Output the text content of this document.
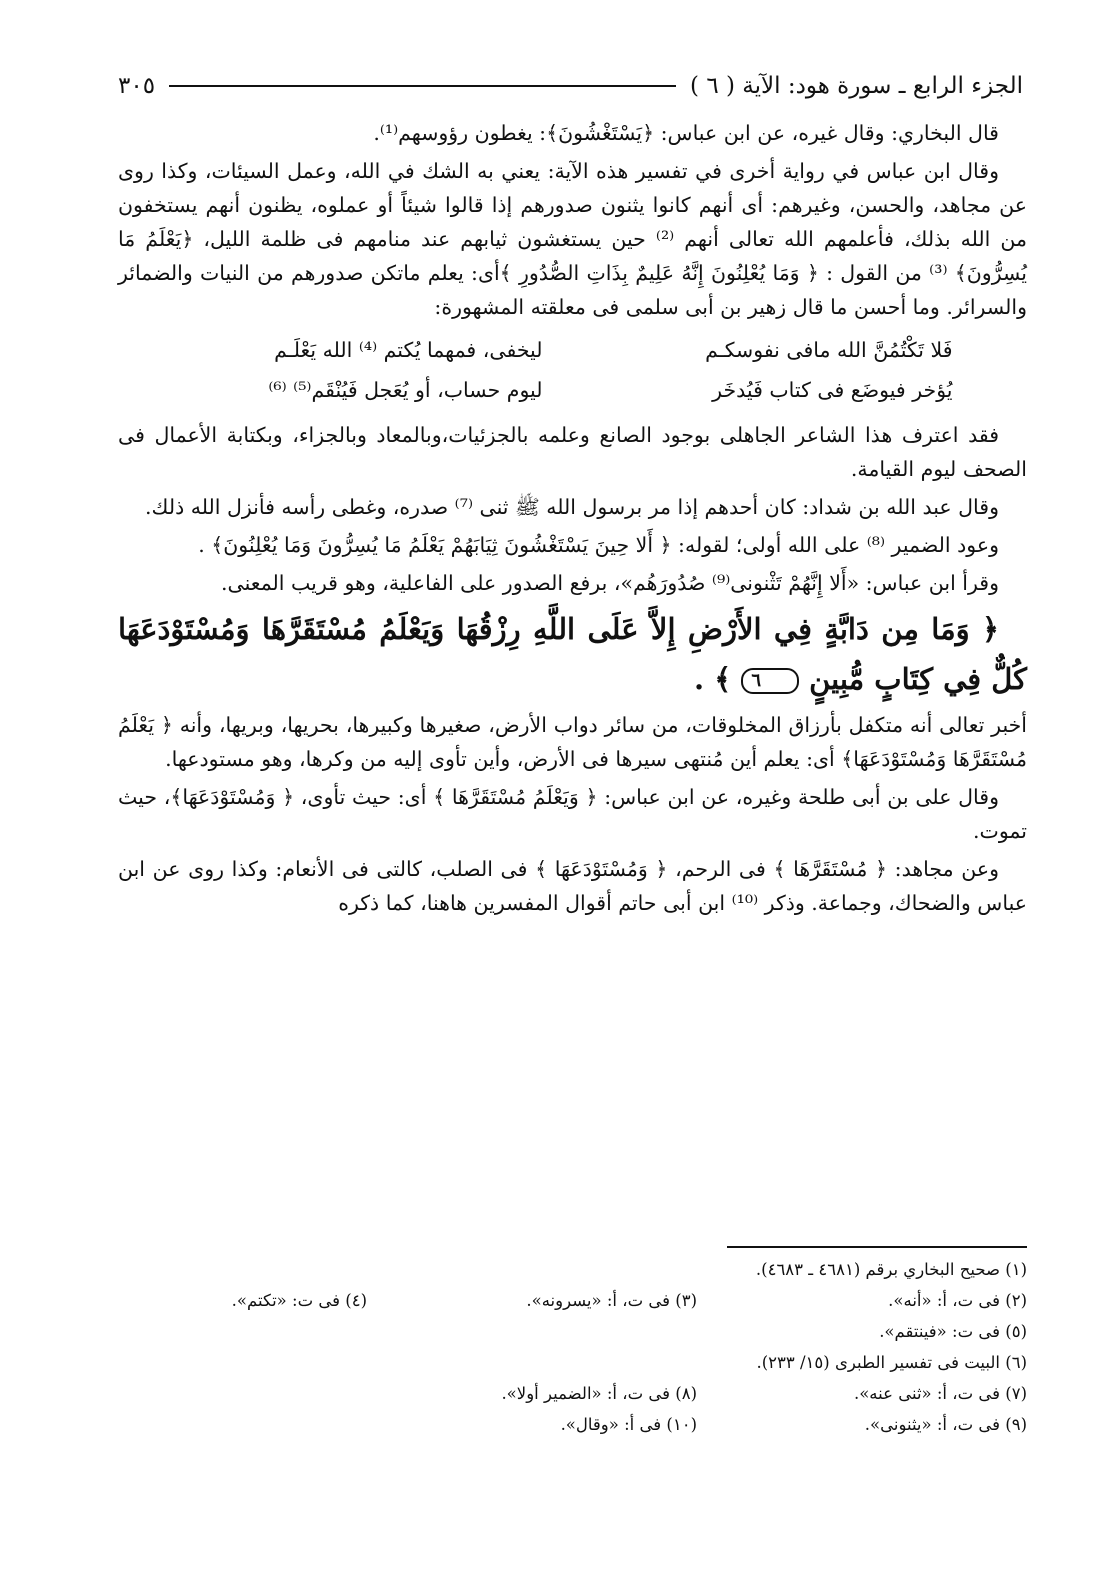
الجزء الرابع ـ سورة هود: الآية ( ٦ )
٣٠٥

قال البخاري: وقال غيره، عن ابن عباس: ﴿يَسْتَغْشُونَ﴾: يغطون رؤوسهم⁽¹⁾.

وقال ابن عباس في رواية أخرى في تفسير هذه الآية: يعني به الشك في الله، وعمل السيئات، وكذا روى عن مجاهد، والحسن، وغيرهم: أى أنهم كانوا يثنون صدورهم إذا قالوا شيئاً أو عملوه، يظنون أنهم يستخفون من الله بذلك، فأعلمهم الله تعالى أنهم ⁽²⁾ حين يستغشون ثيابهم عند منامهم فى ظلمة الليل، ﴿يَعْلَمُ مَا يُسِرُّونَ﴾ ⁽³⁾ من القول : ﴿ وَمَا يُعْلِنُونَ إِنَّهُ عَلِيمٌ بِذَاتِ الصُّدُورِ ﴾أى: يعلم ماتكن صدورهم من النيات والضمائر والسرائر. وما أحسن ما قال زهير بن أبى سلمى فى معلقته المشهورة:

فَلا تَكْتُمُنَّ الله مافى نفوسكـم
ليخفى، فمهما يُكتم ⁽⁴⁾ الله يَعْلَـم
يُؤخر فيوضَع فى كتاب فَيُدخَر
ليوم حساب، أو يُعَجل فَيُنْقَم⁽⁵⁾ ⁽⁶⁾

فقد اعترف هذا الشاعر الجاهلى بوجود الصانع وعلمه بالجزئيات،وبالمعاد وبالجزاء، وبكتابة الأعمال فى الصحف ليوم القيامة.

وقال عبد الله بن شداد: كان أحدهم إذا مر برسول الله ﷺ ثنى ⁽⁷⁾ صدره، وغطى رأسه فأنزل الله ذلك.

وعود الضمير ⁽⁸⁾ على الله أولى؛ لقوله: ﴿ أَلا حِينَ يَسْتَغْشُونَ ثِيَابَهُمْ يَعْلَمُ مَا يُسِرُّونَ وَمَا يُعْلِنُونَ﴾ .

وقرأ ابن عباس: «أَلا إِنَّهُمْ تَثْنونى⁽⁹⁾ صُدُورَهُم»، برفع الصدور على الفاعلية، وهو قريب المعنى.

﴿ وَمَا مِن دَابَّةٍ فِي الأَرْضِ إِلاَّ عَلَى اللَّهِ رِزْقُهَا وَيَعْلَمُ مُسْتَقَرَّهَا وَمُسْتَوْدَعَهَا كُلٌّ فِي كِتَابٍ مُّبِينٍ ٦ ﴾ .

أخبر تعالى أنه متكفل بأرزاق المخلوقات، من سائر دواب الأرض، صغيرها وكبيرها، بحريها، وبريها، وأنه ﴿ يَعْلَمُ مُسْتَقَرَّهَا وَمُسْتَوْدَعَهَا﴾ أى: يعلم أين مُنتهى سيرها فى الأرض، وأين تأوى إليه من وكرها، وهو مستودعها.

وقال على بن أبى طلحة وغيره، عن ابن عباس: ﴿ وَيَعْلَمُ مُسْتَقَرَّهَا ﴾ أى: حيث تأوى، ﴿ وَمُسْتَوْدَعَهَا﴾، حيث تموت.

وعن مجاهد: ﴿ مُسْتَقَرَّهَا ﴾ فى الرحم، ﴿ وَمُسْتَوْدَعَهَا ﴾ فى الصلب، كالتى فى الأنعام: وكذا روى عن ابن عباس والضحاك، وجماعة. وذكر ⁽¹⁰⁾ ابن أبى حاتم أقوال المفسرين هاهنا، كما ذكره

(١) صحيح البخاري برقم (٤٦٨١ ـ ٤٦٨٣).
(٢) فى ت، أ: «أنه».
(٣) فى ت، أ: «يسرونه».
(٤) فى ت: «تكتم».
(٥) فى ت: «فينتقم».
(٦) البيت فى تفسير الطبرى (١٥/ ٢٣٣).
(٧) فى ت، أ: «ثنى عنه».
(٨) فى ت، أ: «الضمير أولا».
(٩) فى ت، أ: «يثنونى».
(١٠) فى أ: «وقال».
